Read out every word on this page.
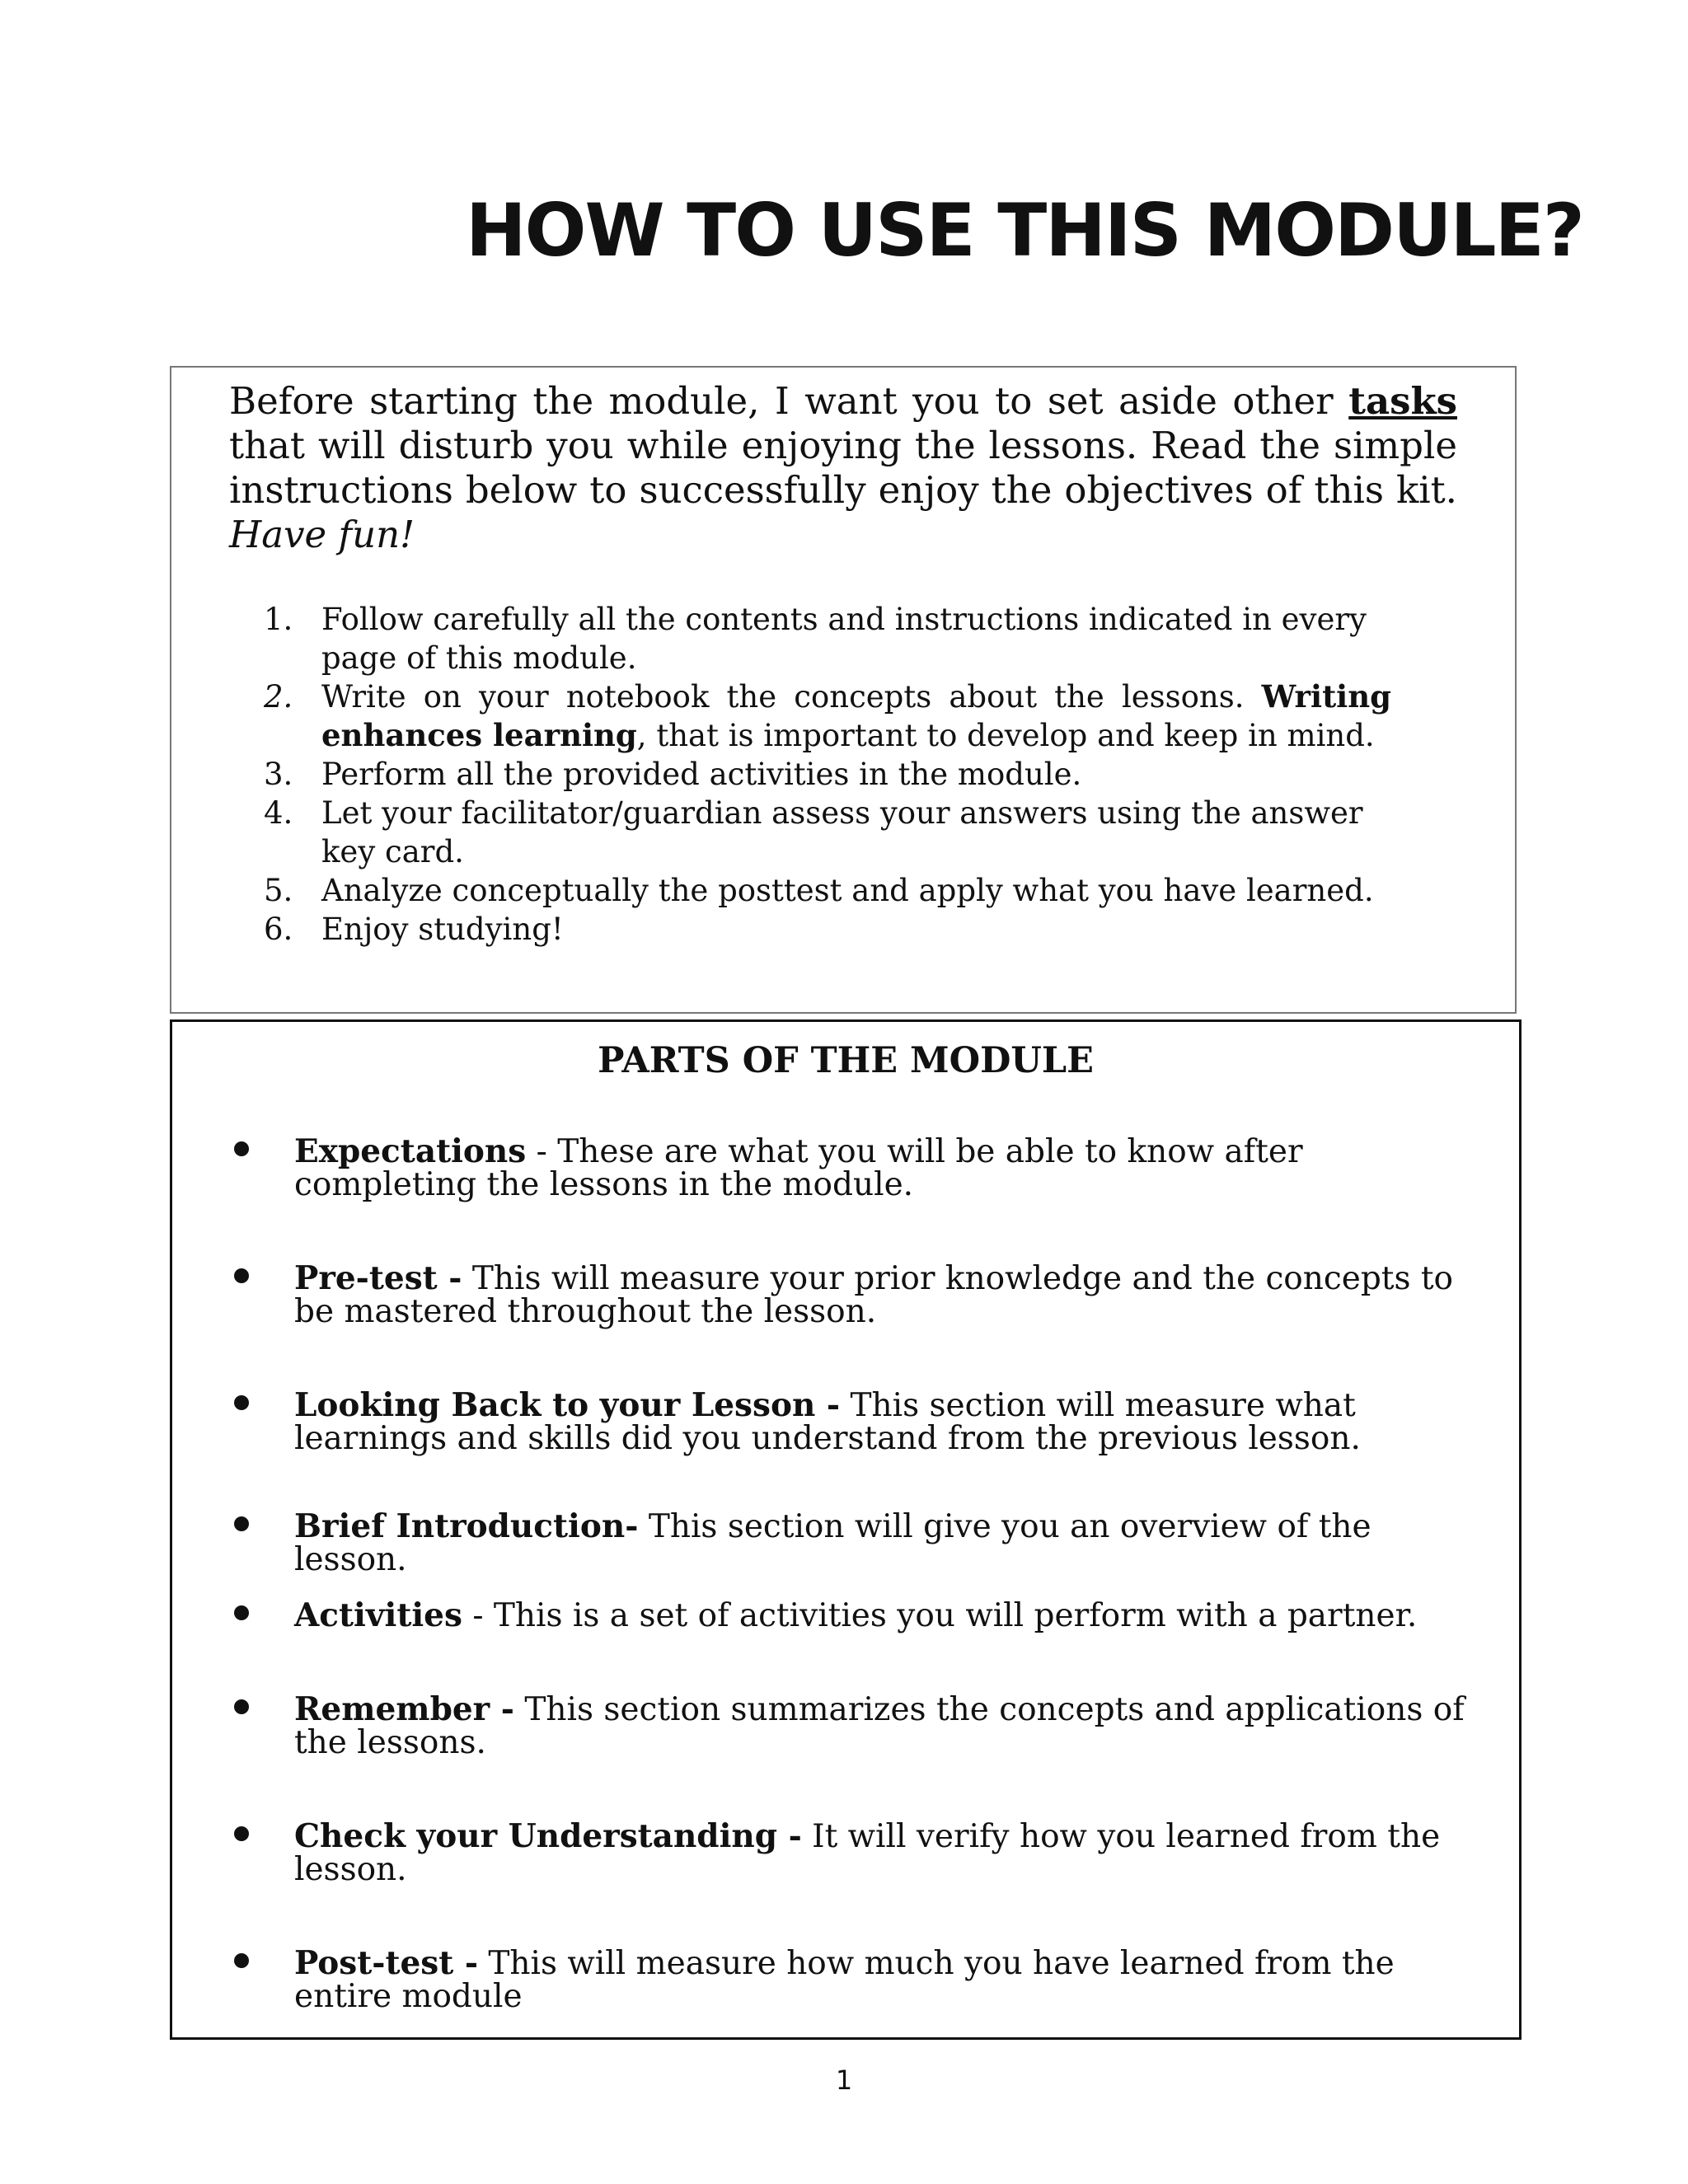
HOW TO USE THIS MODULE?

Before starting the module, I want you to set aside other tasks that will disturb you while enjoying the lessons. Read the simple instructions below to successfully enjoy the objectives of this kit. Have fun!

1. Follow carefully all the contents and instructions indicated in every page of this module.
2. Write on your notebook the concepts about the lessons. Writing enhances learning, that is important to develop and keep in mind.
3. Perform all the provided activities in the module.
4. Let your facilitator/guardian assess your answers using the answer key card.
5. Analyze conceptually the posttest and apply what you have learned.
6. Enjoy studying!
PARTS OF THE MODULE
Expectations - These are what you will be able to know after completing the lessons in the module.
Pre-test - This will measure your prior knowledge and the concepts to be mastered throughout the lesson.
Looking Back to your Lesson - This section will measure what learnings and skills did you understand from the previous lesson.
Brief Introduction- This section will give you an overview of the lesson.
Activities - This is a set of activities you will perform with a partner.
Remember - This section summarizes the concepts and applications of the lessons.
Check your Understanding - It will verify how you learned from the lesson.
Post-test - This will measure how much you have learned from the entire module
1
